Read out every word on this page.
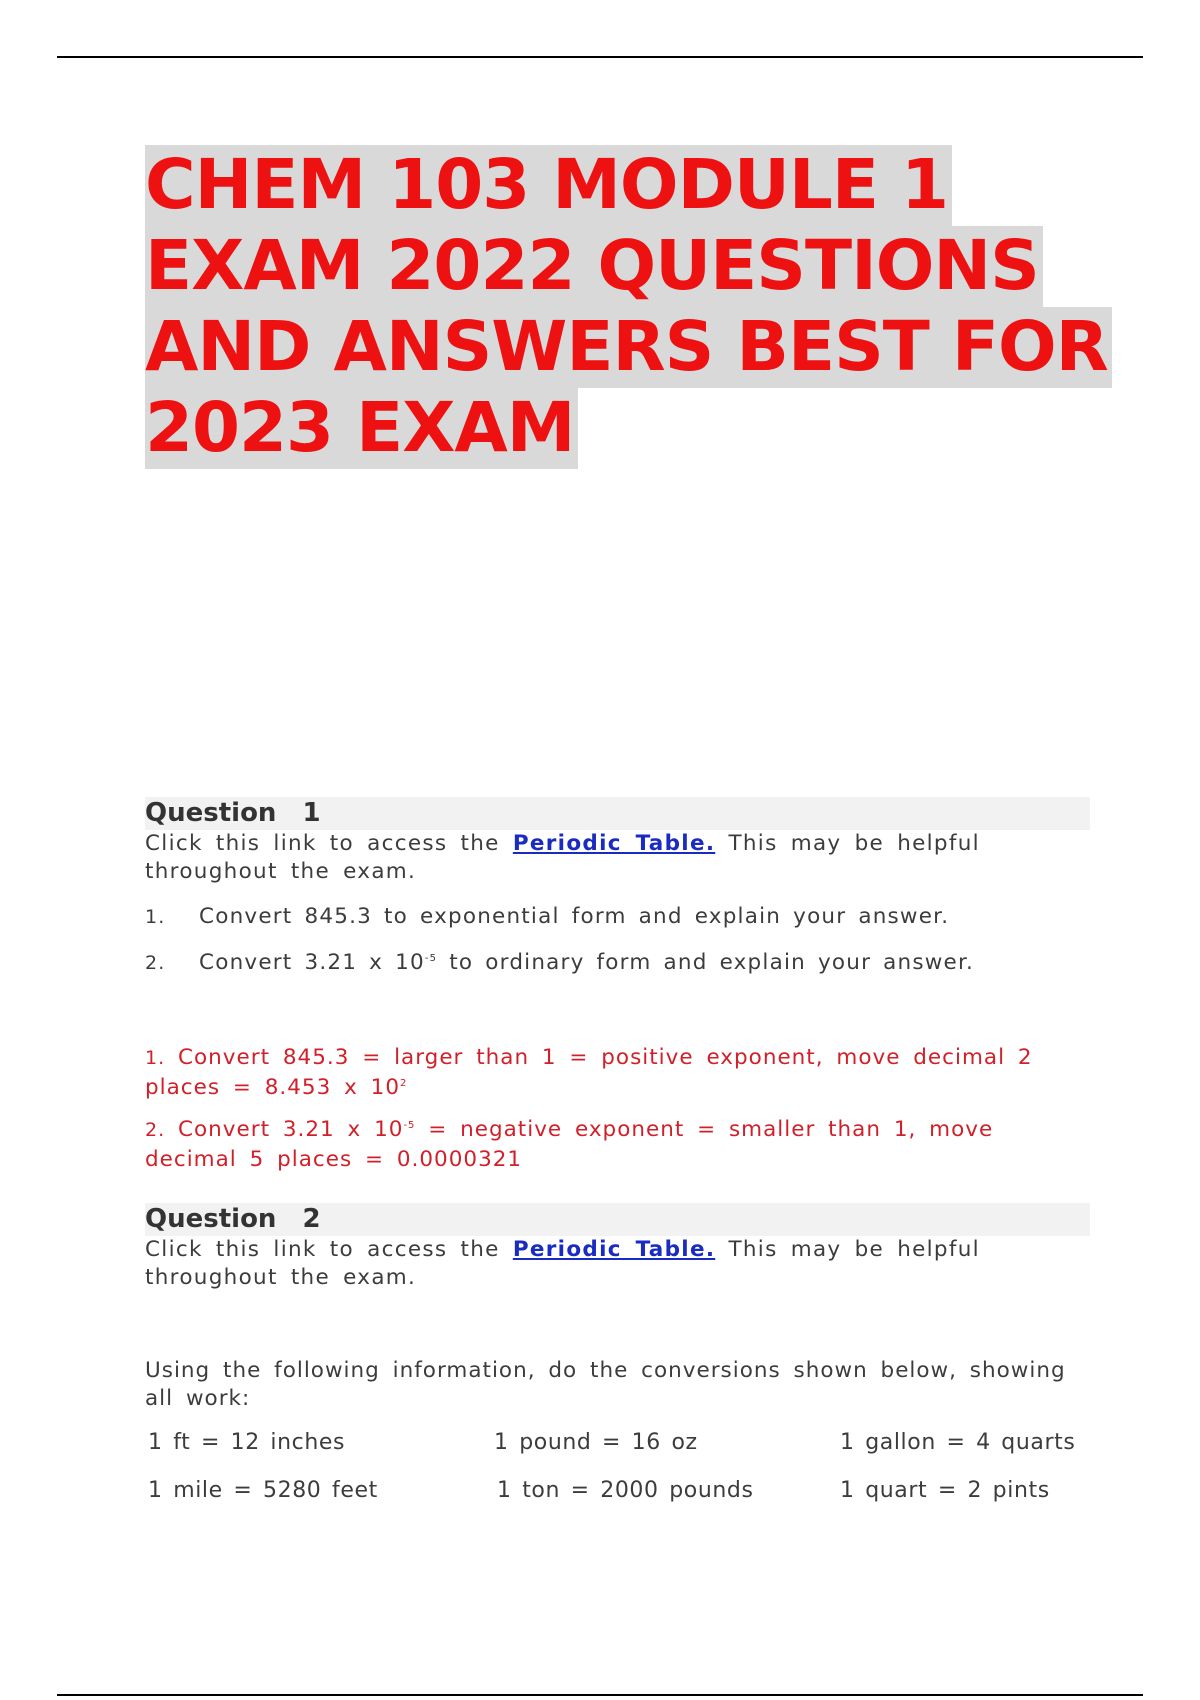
CHEM 103 MODULE 1
EXAM 2022 QUESTIONS
AND ANSWERS BEST FOR
2023 EXAM
Question 1
Click this link to access the Periodic Table. This may be helpful throughout the exam.
1. Convert 845.3 to exponential form and explain your answer.
2. Convert 3.21 x $10^{-5}$ to ordinary form and explain your answer.
1. Convert 845.3 = larger than 1 = positive exponent, move decimal 2 places = 8.453 x $10^2$
2. Convert 3.21 x $10^{-5}$ = negative exponent = smaller than 1, move decimal 5 places = 0.0000321
Question 2
Click this link to access the Periodic Table. This may be helpful throughout the exam.
Using the following information, do the conversions shown below, showing all work:
1 ft = 12 inches	1 pound = 16 oz	1 gallon = 4 quarts
1 mile = 5280 feet	1 ton = 2000 pounds	1 quart = 2 pints
